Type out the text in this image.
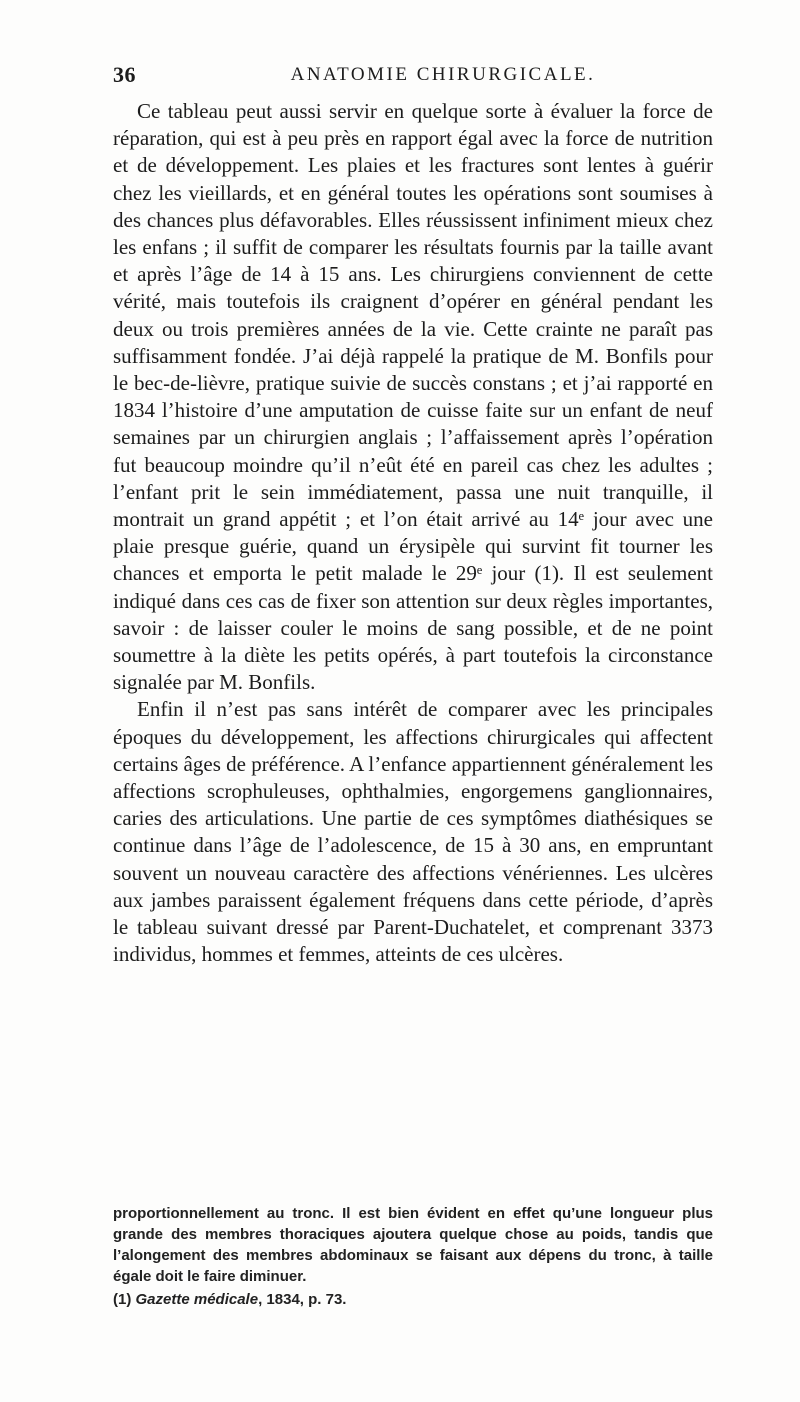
36	ANATOMIE CHIRURGICALE.

Ce tableau peut aussi servir en quelque sorte à évaluer la force de réparation, qui est à peu près en rapport égal avec la force de nutrition et de développement. Les plaies et les fractures sont lentes à guérir chez les vieillards, et en général toutes les opérations sont soumises à des chances plus défavorables. Elles réussissent infiniment mieux chez les enfans ; il suffit de comparer les résultats fournis par la taille avant et après l’âge de 14 à 15 ans. Les chirurgiens conviennent de cette vérité, mais toutefois ils craignent d’opérer en général pendant les deux ou trois premières années de la vie. Cette crainte ne paraît pas suffisamment fondée. J’ai déjà rappelé la pratique de M. Bonfils pour le bec-de-lièvre, pratique suivie de succès constans ; et j’ai rapporté en 1834 l’histoire d’une amputation de cuisse faite sur un enfant de neuf semaines par un chirurgien anglais ; l’affaissement après l’opération fut beaucoup moindre qu’il n’eût été en pareil cas chez les adultes ; l’enfant prit le sein immédiatement, passa une nuit tranquille, il montrait un grand appétit ; et l’on était arrivé au 14ᵉ jour avec une plaie presque guérie, quand un érysipèle qui survint fit tourner les chances et emporta le petit malade le 29ᵉ jour (1). Il est seulement indiqué dans ces cas de fixer son attention sur deux règles importantes, savoir : de laisser couler le moins de sang possible, et de ne point soumettre à la diète les petits opérés, à part toutefois la circonstance signalée par M. Bonfils.

Enfin il n’est pas sans intérêt de comparer avec les principales époques du développement, les affections chirurgicales qui affectent certains âges de préférence. A l’enfance appartiennent généralement les affections scrophuleuses, ophthalmies, engorgemens ganglionnaires, caries des articulations. Une partie de ces symptômes diathésiques se continue dans l’âge de l’adolescence, de 15 à 30 ans, en empruntant souvent un nouveau caractère des affections vénériennes. Les ulcères aux jambes paraissent également fréquens dans cette période, d’après le tableau suivant dressé par Parent-Duchatelet, et comprenant 3373 individus, hommes et femmes, atteints de ces ulcères.

proportionnellement au tronc. Il est bien évident en effet qu’une longueur plus grande des membres thoraciques ajoutera quelque chose au poids, tandis que l’alongement des membres abdominaux se faisant aux dépens du tronc, à taille égale doit le faire diminuer.

(1) Gazette médicale, 1834, p. 73.
